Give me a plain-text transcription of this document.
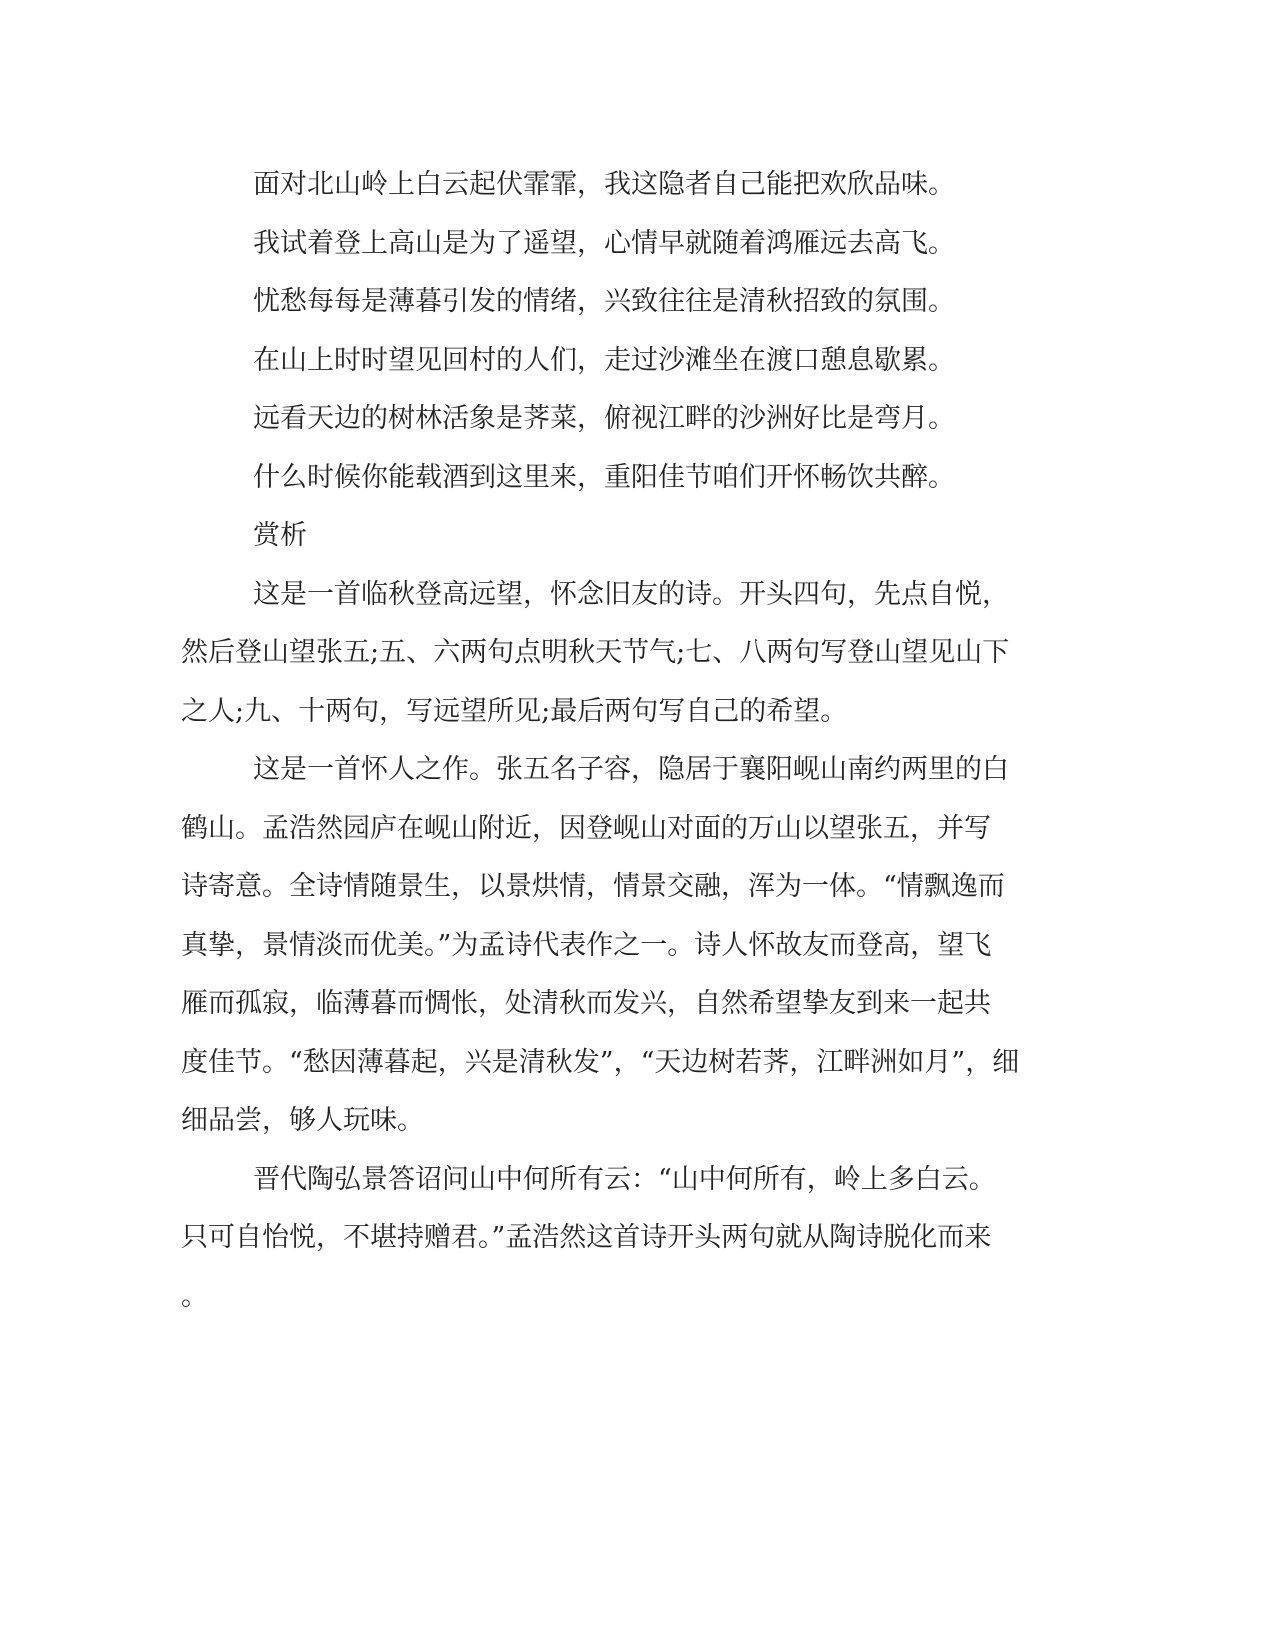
面对北山岭上白云起伏霏霏，我这隐者自己能把欢欣品味。

我试着登上高山是为了遥望，心情早就随着鸿雁远去高飞。

忧愁每每是薄暮引发的情绪，兴致往往是清秋招致的氛围。

在山上时时望见回村的人们，走过沙滩坐在渡口憩息歇累。

远看天边的树林活象是荠菜，俯视江畔的沙洲好比是弯月。

什么时候你能载酒到这里来，重阳佳节咱们开怀畅饮共醉。

赏析

这是一首临秋登高远望，怀念旧友的诗。开头四句，先点自悦，

然后登山望张五;五、六两句点明秋天节气;七、八两句写登山望见山下

之人;九、十两句，写远望所见;最后两句写自己的希望。

这是一首怀人之作。张五名子容，隐居于襄阳岘山南约两里的白

鹤山。孟浩然园庐在岘山附近，因登岘山对面的万山以望张五，并写

诗寄意。全诗情随景生，以景烘情，情景交融，浑为一体。“情飘逸而

真挚，景情淡而优美。”为孟诗代表作之一。诗人怀故友而登高，望飞

雁而孤寂，临薄暮而惆怅，处清秋而发兴，自然希望挚友到来一起共

度佳节。“愁因薄暮起，兴是清秋发”，“天边树若荠，江畔洲如月”，细

细品尝，够人玩味。

晋代陶弘景答诏问山中何所有云：“山中何所有，岭上多白云。

只可自怡悦，不堪持赠君。”孟浩然这首诗开头两句就从陶诗脱化而来

。
